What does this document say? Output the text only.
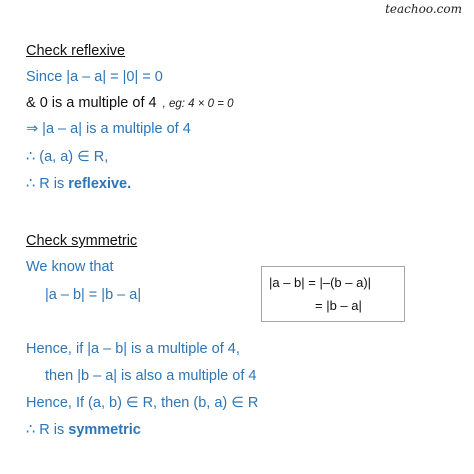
teachoo.com
Check reflexive
Since |a – a| = |0| = 0
& 0 is a multiple of 4 , eg: 4 × 0 = 0
⇒ |a – a| is a multiple of 4
∴ (a, a) ∈ R,
∴ R is reflexive.
Check symmetric
We know that
|a – b| = |b – a|
|a – b| = |–(b – a)|
= |b – a|
Hence, if |a – b| is a multiple of 4,
then |b – a| is also a multiple of 4
Hence, If (a, b) ∈ R, then (b, a) ∈ R
∴ R is symmetric
